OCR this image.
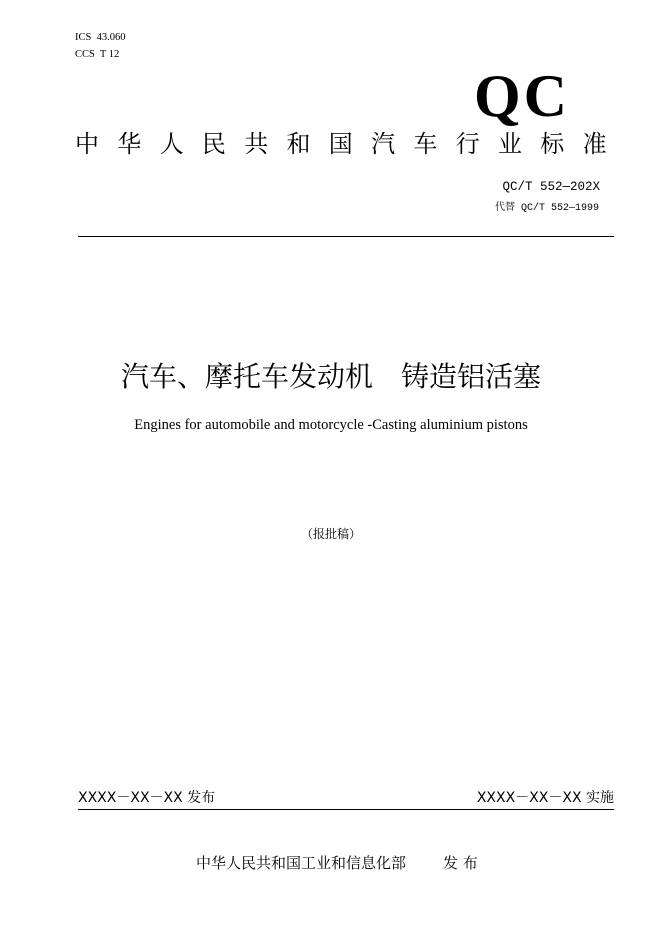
ICS  43.060
CCS  T 12
QC
中华人民共和国汽车行业标准
QC/T 552—202X
代替 QC/T 552—1999
汽车、摩托车发动机　铸造铝活塞
Engines for automobile and motorcycle -Casting aluminium pistons
（报批稿）
XXXX－XX－XX 发布	XXXX－XX－XX 实施
中华人民共和国工业和信息化部 发 布
